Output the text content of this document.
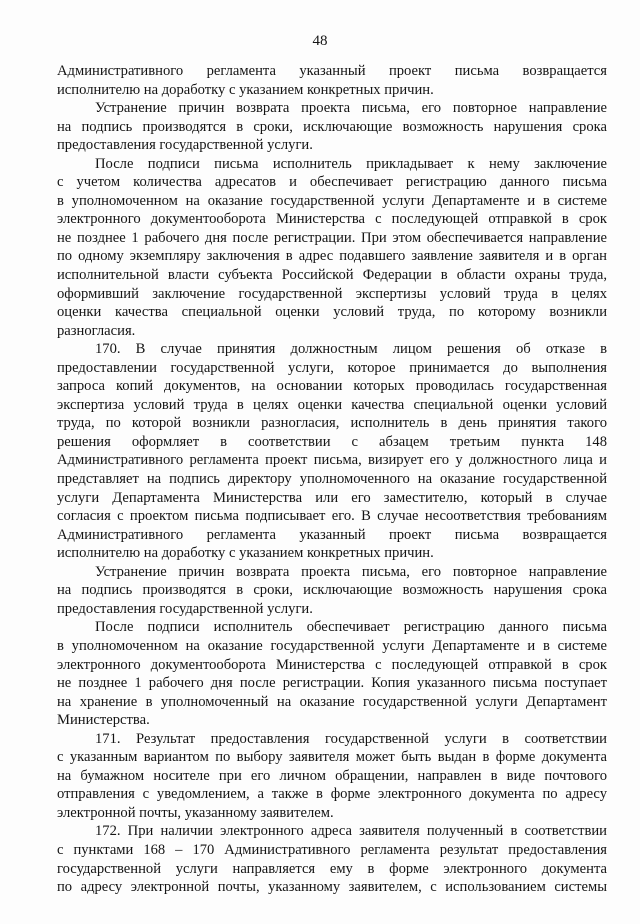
48
Административного регламента указанный проект письма возвращается
исполнителю на доработку с указанием конкретных причин.
Устранение причин возврата проекта письма, его повторное направление
на подпись производятся в сроки, исключающие возможность нарушения срока
предоставления государственной услуги.
После подписи письма исполнитель прикладывает к нему заключение
с учетом количества адресатов и обеспечивает регистрацию данного письма
в уполномоченном на оказание государственной услуги Департаменте и в системе
электронного документооборота Министерства с последующей отправкой в срок
не позднее 1 рабочего дня после регистрации. При этом обеспечивается направление
по одному экземпляру заключения в адрес подавшего заявление заявителя и в орган
исполнительной власти субъекта Российской Федерации в области охраны труда,
оформивший заключение государственной экспертизы условий труда в целях
оценки качества специальной оценки условий труда, по которому возникли
разногласия.
170. В случае принятия должностным лицом решения об отказе в
предоставлении государственной услуги, которое принимается до выполнения
запроса копий документов, на основании которых проводилась государственная
экспертиза условий труда в целях оценки качества специальной оценки условий
труда, по которой возникли разногласия, исполнитель в день принятия такого
решения оформляет в соответствии с абзацем третьим пункта 148
Административного регламента проект письма, визирует его у должностного лица и
представляет на подпись директору уполномоченного на оказание государственной
услуги Департамента Министерства или его заместителю, который в случае
согласия с проектом письма подписывает его. В случае несоответствия требованиям
Административного регламента указанный проект письма возвращается
исполнителю на доработку с указанием конкретных причин.
Устранение причин возврата проекта письма, его повторное направление
на подпись производятся в сроки, исключающие возможность нарушения срока
предоставления государственной услуги.
После подписи исполнитель обеспечивает регистрацию данного письма
в уполномоченном на оказание государственной услуги Департаменте и в системе
электронного документооборота Министерства с последующей отправкой в срок
не позднее 1 рабочего дня после регистрации. Копия указанного письма поступает
на хранение в уполномоченный на оказание государственной услуги Департамент
Министерства.
171. Результат предоставления государственной услуги в соответствии
с указанным вариантом по выбору заявителя может быть выдан в форме документа
на бумажном носителе при его личном обращении, направлен в виде почтового
отправления с уведомлением, а также в форме электронного документа по адресу
электронной почты, указанному заявителем.
172. При наличии электронного адреса заявителя полученный в соответствии
с пунктами 168 – 170 Административного регламента результат предоставления
государственной услуги направляется ему в форме электронного документа
по адресу электронной почты, указанному заявителем, с использованием системы
